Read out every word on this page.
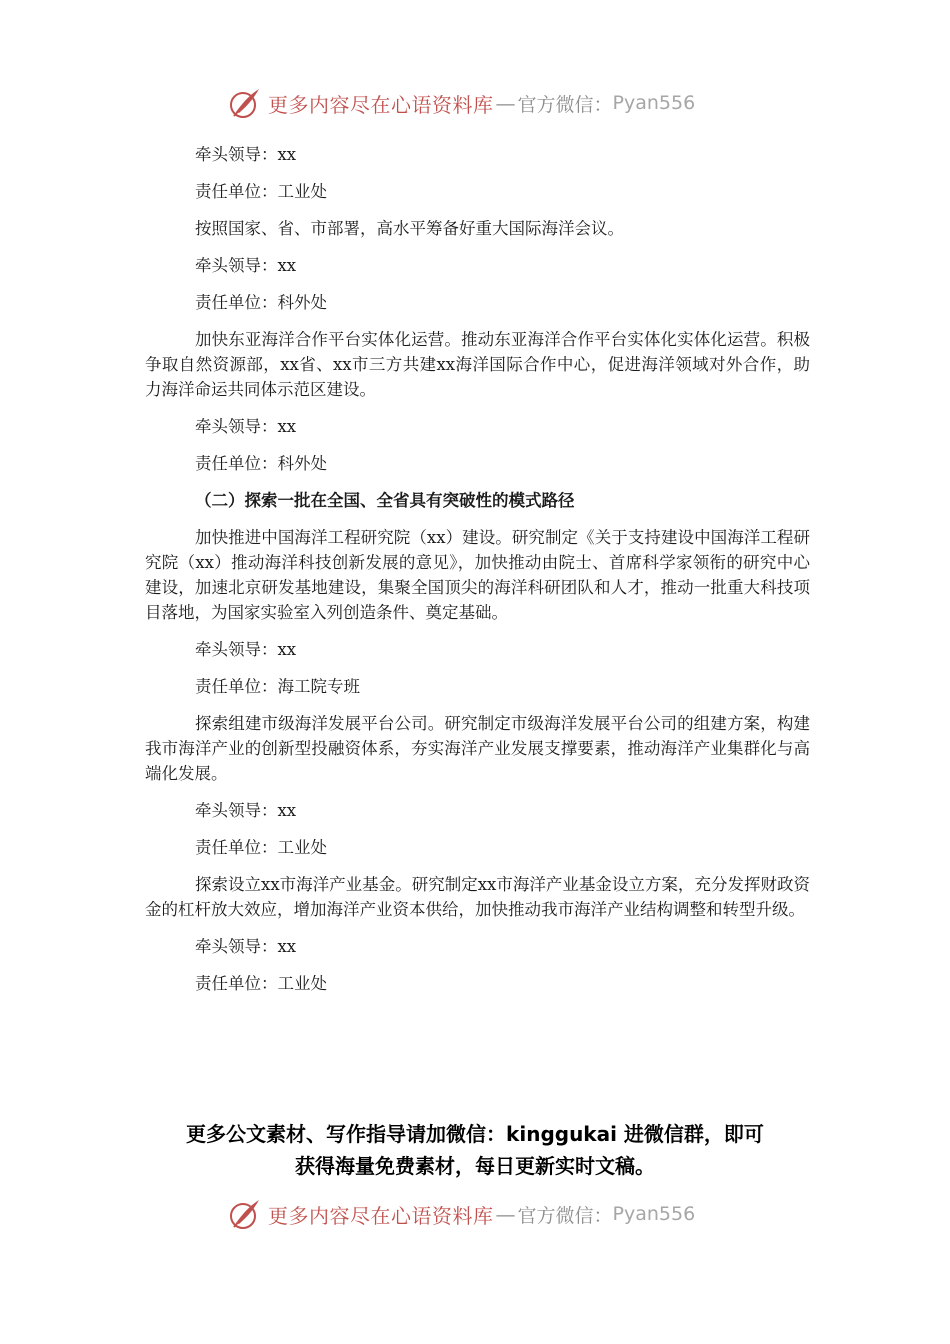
更多内容尽在心语资料库 — 官方微信： Pyan556

牵头领导：xx

责任单位：工业处

按照国家、省、市部署，高水平筹备好重大国际海洋会议。

牵头领导：xx

责任单位：科外处

加快东亚海洋合作平台实体化运营。推动东亚海洋合作平台实体化实体化运营。积极争取自然资源部，xx省、xx市三方共建xx海洋国际合作中心，促进海洋领域对外合作，助力海洋命运共同体示范区建设。

牵头领导：xx

责任单位：科外处

（二）探索一批在全国、全省具有突破性的模式路径

加快推进中国海洋工程研究院（xx）建设。研究制定《关于支持建设中国海洋工程研究院（xx）推动海洋科技创新发展的意见》，加快推动由院士、首席科学家领衔的研究中心建设，加速北京研发基地建设，集聚全国顶尖的海洋科研团队和人才，推动一批重大科技项目落地，为国家实验室入列创造条件、奠定基础。

牵头领导：xx

责任单位：海工院专班

探索组建市级海洋发展平台公司。研究制定市级海洋发展平台公司的组建方案，构建我市海洋产业的创新型投融资体系，夯实海洋产业发展支撑要素，推动海洋产业集群化与高端化发展。

牵头领导：xx

责任单位：工业处

探索设立xx市海洋产业基金。研究制定xx市海洋产业基金设立方案，充分发挥财政资金的杠杆放大效应，增加海洋产业资本供给，加快推动我市海洋产业结构调整和转型升级。

牵头领导：xx

责任单位：工业处

更多公文素材、写作指导请加微信：kinggukai 进微信群，即可
获得海量免费素材，每日更新实时文稿。
更多内容尽在心语资料库 — 官方微信： Pyan556
